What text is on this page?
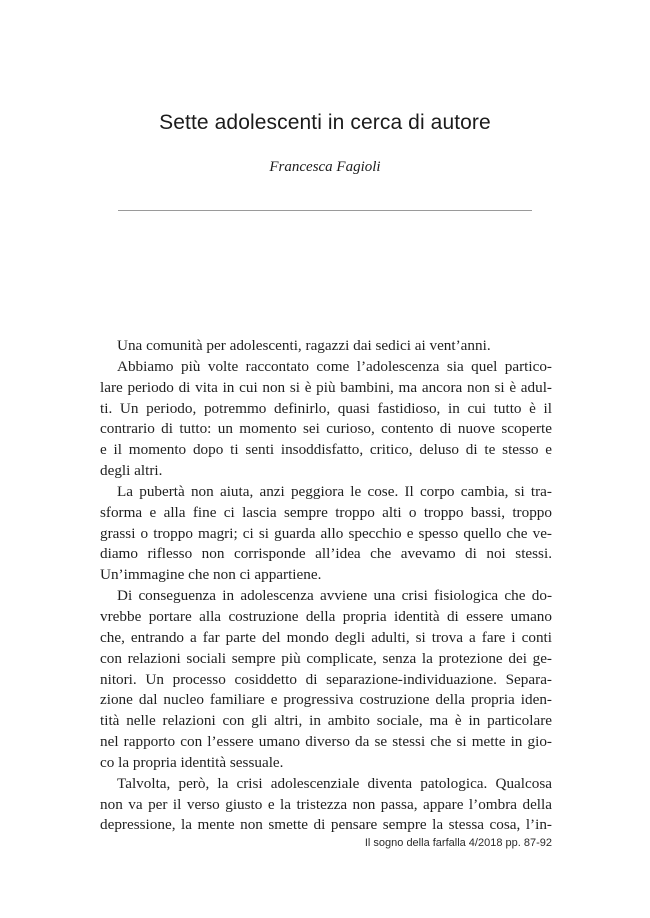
Sette adolescenti in cerca di autore
Francesca Fagioli
Una comunità per adolescenti, ragazzi dai sedici ai vent’anni.
Abbiamo più volte raccontato come l’adolescenza sia quel partico-
lare periodo di vita in cui non si è più bambini, ma ancora non si è adul-
ti. Un periodo, potremmo definirlo, quasi fastidioso, in cui tutto è il
contrario di tutto: un momento sei curioso, contento di nuove scoperte
e il momento dopo ti senti insoddisfatto, critico, deluso di te stesso e
degli altri.
La pubertà non aiuta, anzi peggiora le cose. Il corpo cambia, si tra-
sforma e alla fine ci lascia sempre troppo alti o troppo bassi, troppo
grassi o troppo magri; ci si guarda allo specchio e spesso quello che ve-
diamo riflesso non corrisponde all’idea che avevamo di noi stessi.
Un’immagine che non ci appartiene.
Di conseguenza in adolescenza avviene una crisi fisiologica che do-
vrebbe portare alla costruzione della propria identità di essere umano
che, entrando a far parte del mondo degli adulti, si trova a fare i conti
con relazioni sociali sempre più complicate, senza la protezione dei ge-
nitori. Un processo cosiddetto di separazione-individuazione. Separa-
zione dal nucleo familiare e progressiva costruzione della propria iden-
tità nelle relazioni con gli altri, in ambito sociale, ma è in particolare
nel rapporto con l’essere umano diverso da se stessi che si mette in gio-
co la propria identità sessuale.
Talvolta, però, la crisi adolescenziale diventa patologica. Qualcosa
non va per il verso giusto e la tristezza non passa, appare l’ombra della
depressione, la mente non smette di pensare sempre la stessa cosa, l’in-
Il sogno della farfalla 4/2018 pp. 87-92
